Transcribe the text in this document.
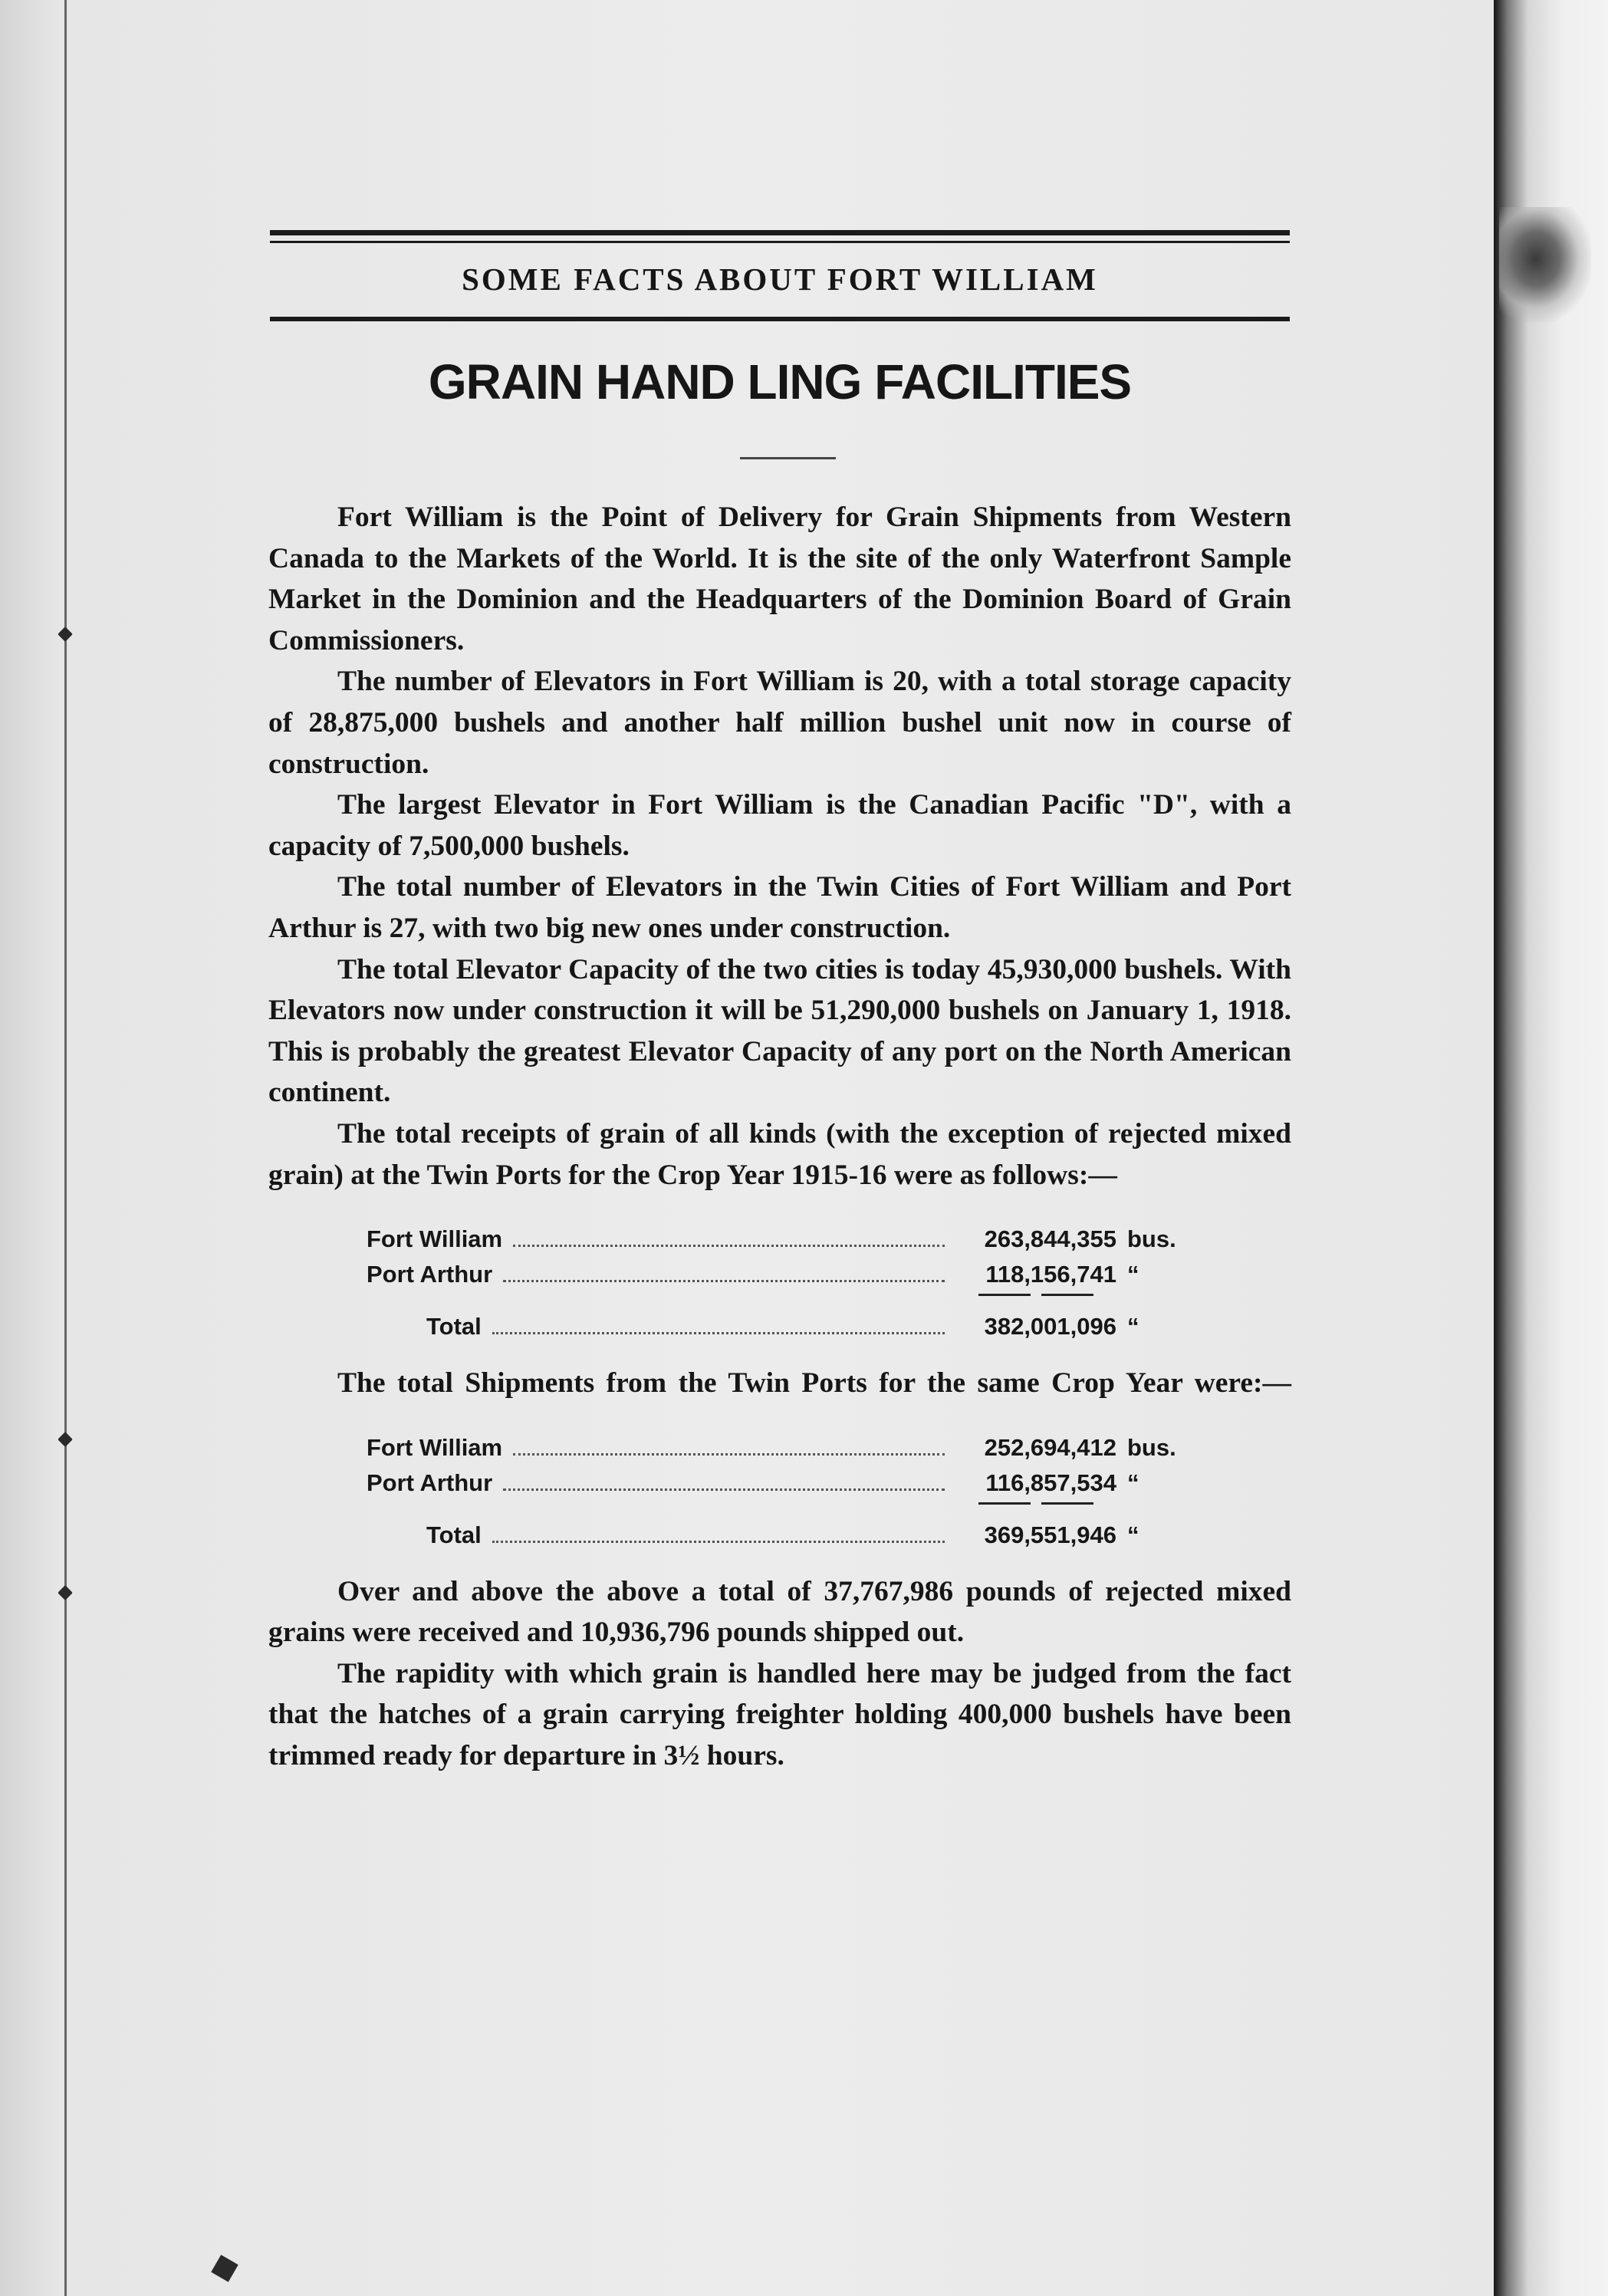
SOME FACTS ABOUT FORT WILLIAM
GRAIN HAND LING FACILITIES

Fort William is the Point of Delivery for Grain Shipments from Western Canada to the Markets of the World. It is the site of the only Waterfront Sample Market in the Dominion and the Headquarters of the Dominion Board of Grain Commissioners.

The number of Elevators in Fort William is 20, with a total storage capacity of 28,875,000 bushels and another half million bushel unit now in course of construction.

The largest Elevator in Fort William is the Canadian Pacific "D", with a capacity of 7,500,000 bushels.

The total number of Elevators in the Twin Cities of Fort William and Port Arthur is 27, with two big new ones under construction.

The total Elevator Capacity of the two cities is today 45,930,000 bushels. With Elevators now under construction it will be 51,290,000 bushels on January 1, 1918. This is probably the greatest Elevator Capacity of any port on the North American continent.

The total receipts of grain of all kinds (with the exception of rejected mixed grain) at the Twin Ports for the Crop Year 1915-16 were as follows:—

Fort William	263,844,355 bus.
Port Arthur	118,156,741 “
Total	382,001,096 “

The total Shipments from the Twin Ports for the same Crop Year were:—

Fort William	252,694,412 bus.
Port Arthur	116,857,534 “
Total	369,551,946 “

Over and above the above a total of 37,767,986 pounds of rejected mixed grains were received and 10,936,796 pounds shipped out.

The rapidity with which grain is handled here may be judged from the fact that the hatches of a grain carrying freighter holding 400,000 bushels have been trimmed ready for departure in 3½ hours.
